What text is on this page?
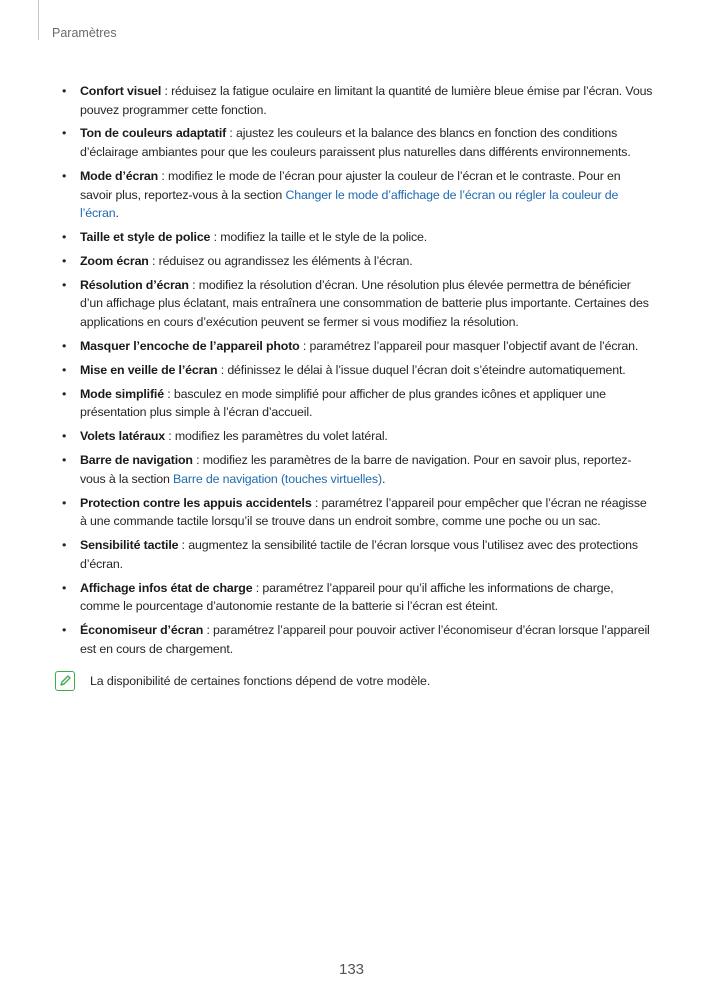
Paramètres
• Confort visuel : réduisez la fatigue oculaire en limitant la quantité de lumière bleue émise par l’écran. Vous pouvez programmer cette fonction.
• Ton de couleurs adaptatif : ajustez les couleurs et la balance des blancs en fonction des conditions d’éclairage ambiantes pour que les couleurs paraissent plus naturelles dans différents environnements.
• Mode d’écran : modifiez le mode de l’écran pour ajuster la couleur de l’écran et le contraste. Pour en savoir plus, reportez-vous à la section Changer le mode d’affichage de l’écran ou régler la couleur de l’écran.
• Taille et style de police : modifiez la taille et le style de la police.
• Zoom écran : réduisez ou agrandissez les éléments à l’écran.
• Résolution d’écran : modifiez la résolution d’écran. Une résolution plus élevée permettra de bénéficier d’un affichage plus éclatant, mais entraînera une consommation de batterie plus importante. Certaines des applications en cours d’exécution peuvent se fermer si vous modifiez la résolution.
• Masquer l’encoche de l’appareil photo : paramétrez l’appareil pour masquer l’objectif avant de l’écran.
• Mise en veille de l’écran : définissez le délai à l’issue duquel l’écran doit s’éteindre automatiquement.
• Mode simplifié : basculez en mode simplifié pour afficher de plus grandes icônes et appliquer une présentation plus simple à l’écran d’accueil.
• Volets latéraux : modifiez les paramètres du volet latéral.
• Barre de navigation : modifiez les paramètres de la barre de navigation. Pour en savoir plus, reportez-vous à la section Barre de navigation (touches virtuelles).
• Protection contre les appuis accidentels : paramétrez l’appareil pour empêcher que l’écran ne réagisse à une commande tactile lorsqu’il se trouve dans un endroit sombre, comme une poche ou un sac.
• Sensibilité tactile : augmentez la sensibilité tactile de l’écran lorsque vous l’utilisez avec des protections d’écran.
• Affichage infos état de charge : paramétrez l’appareil pour qu’il affiche les informations de charge, comme le pourcentage d’autonomie restante de la batterie si l’écran est éteint.
• Économiseur d’écran : paramétrez l’appareil pour pouvoir activer l’économiseur d’écran lorsque l’appareil est en cours de chargement.
La disponibilité de certaines fonctions dépend de votre modèle.
133
